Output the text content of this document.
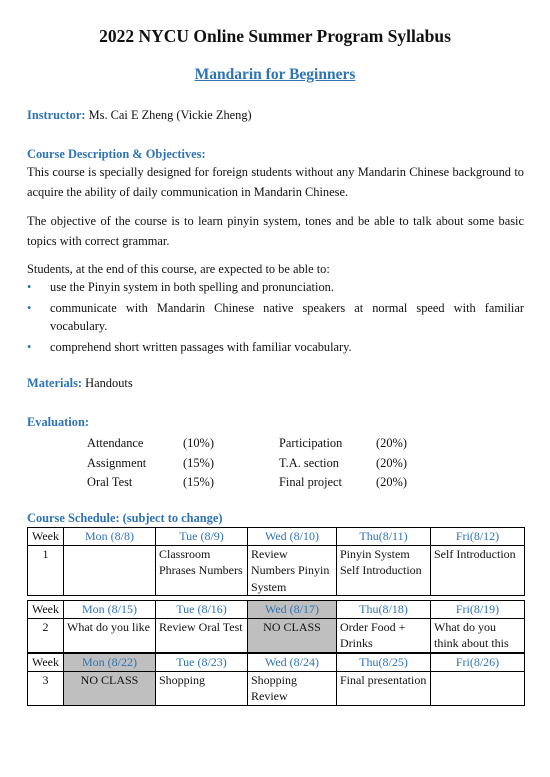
2022 NYCU Online Summer Program Syllabus
Mandarin for Beginners
Instructor: Ms. Cai E Zheng (Vickie Zheng)
Course Description & Objectives:
This course is specially designed for foreign students without any Mandarin Chinese background to acquire the ability of daily communication in Mandarin Chinese.
The objective of the course is to learn pinyin system, tones and be able to talk about some basic topics with correct grammar.
Students, at the end of this course, are expected to be able to:
• use the Pinyin system in both spelling and pronunciation.
• communicate with Mandarin Chinese native speakers at normal speed with familiar vocabulary.
• comprehend short written passages with familiar vocabulary.
Materials: Handouts
Evaluation:
Attendance	(10%)	Participation	(20%)
Assignment	(15%)	T.A. section	(20%)
Oral Test	(15%)	Final project	(20%)
Course Schedule: (subject to change)
Week	Mon (8/8)	Tue (8/9)	Wed (8/10)	Thu(8/11)	Fri(8/12)
1		Classroom Phrases Numbers	Review Numbers Pinyin System	Pinyin System Self Introduction	Self Introduction
Week	Mon (8/15)	Tue (8/16)	Wed (8/17)	Thu(8/18)	Fri(8/19)
2	What do you like	Review Oral Test	NO CLASS	Order Food + Drinks	What do you think about this
Week	Mon (8/22)	Tue (8/23)	Wed (8/24)	Thu(8/25)	Fri(8/26)
3	NO CLASS	Shopping	Shopping Review	Final presentation	
